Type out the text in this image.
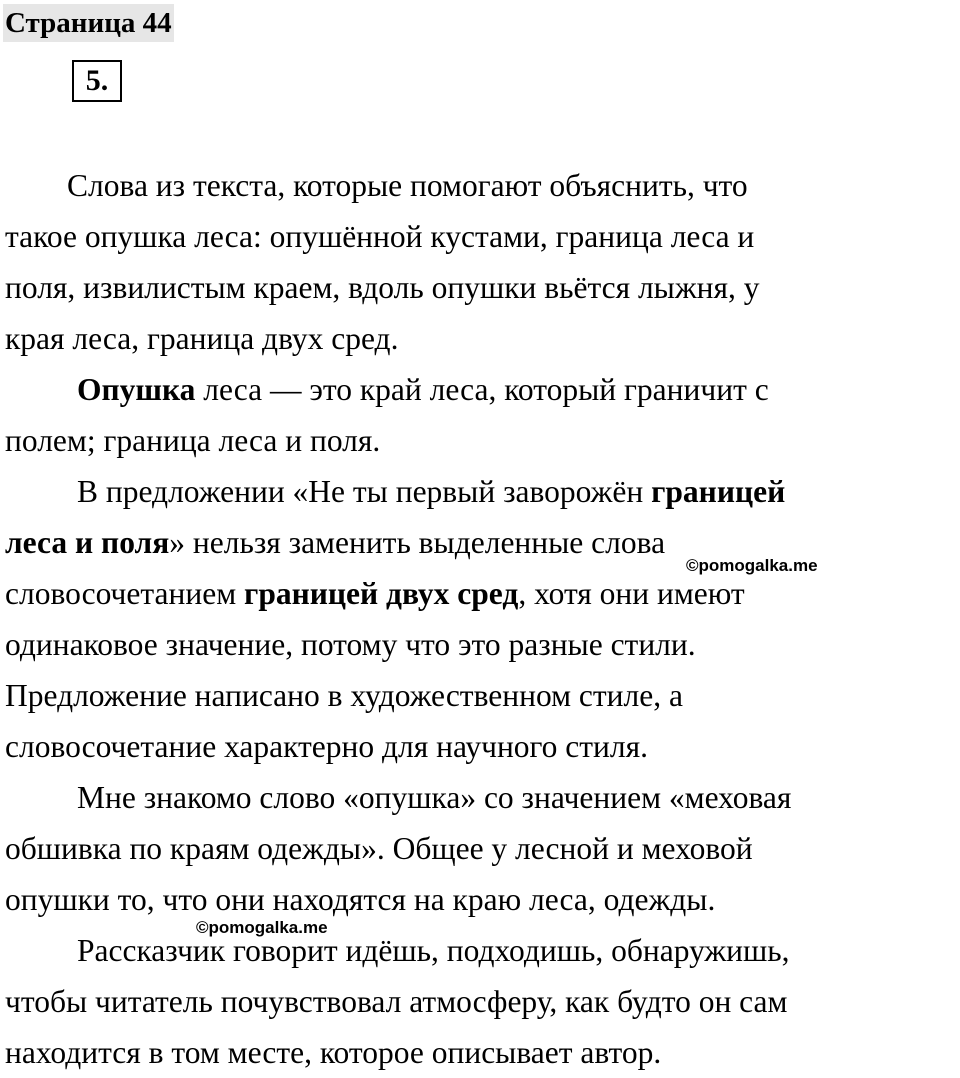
Страница 44
5.

Слова из текста, которые помогают объяснить, что
такое опушка леса: опушённой кустами, граница леса и
поля, извилистым краем, вдоль опушки вьётся лыжня, у
края леса, граница двух сред.

Опушка леса — это край леса, который граничит с
полем; граница леса и поля.

В предложении «Не ты первый заворожён границей
леса и поля» нельзя заменить выделенные слова
словосочетанием границей двух сред, хотя они имеют
одинаковое значение, потому что это разные стили.
Предложение написано в художественном стиле, а
словосочетание характерно для научного стиля.

Мне знакомо слово «опушка» со значением «меховая
обшивка по краям одежды». Общее у лесной и меховой
опушки то, что они находятся на краю леса, одежды.

Рассказчик говорит идёшь, подходишь, обнаружишь,
чтобы читатель почувствовал атмосферу, как будто он сам
находится в том месте, которое описывает автор.

©pomogalka.me
©pomogalka.me
